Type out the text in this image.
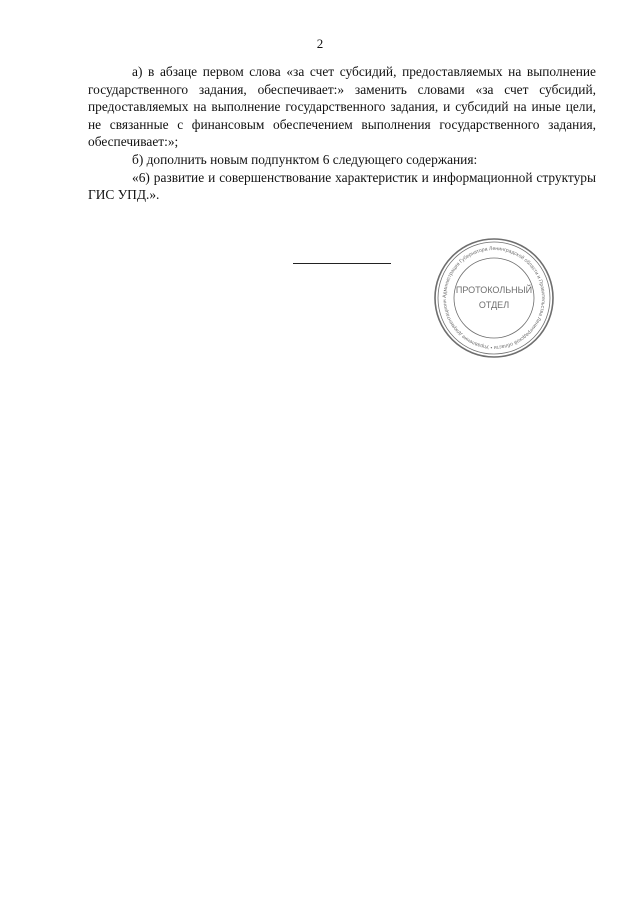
2

а) в абзаце первом слова «за счет субсидий, предоставляемых на выполнение государственного задания, обеспечивает:» заменить словами «за счет субсидий, предоставляемых на выполнение государственного задания, и субсидий на иные цели, не связанные с финансовым обеспечением выполнения государственного задания, обеспечивает:»;

б) дополнить новым подпунктом 6 следующего содержания:

«6) развитие и совершенствование характеристик и информационной структуры ГИС УПД.».

Администрация Губернатора Ленинградской области и Правительства Ленинградской области • Управление документационн
ПРОТОКОЛЬНЫЙ
ОТДЕЛ
